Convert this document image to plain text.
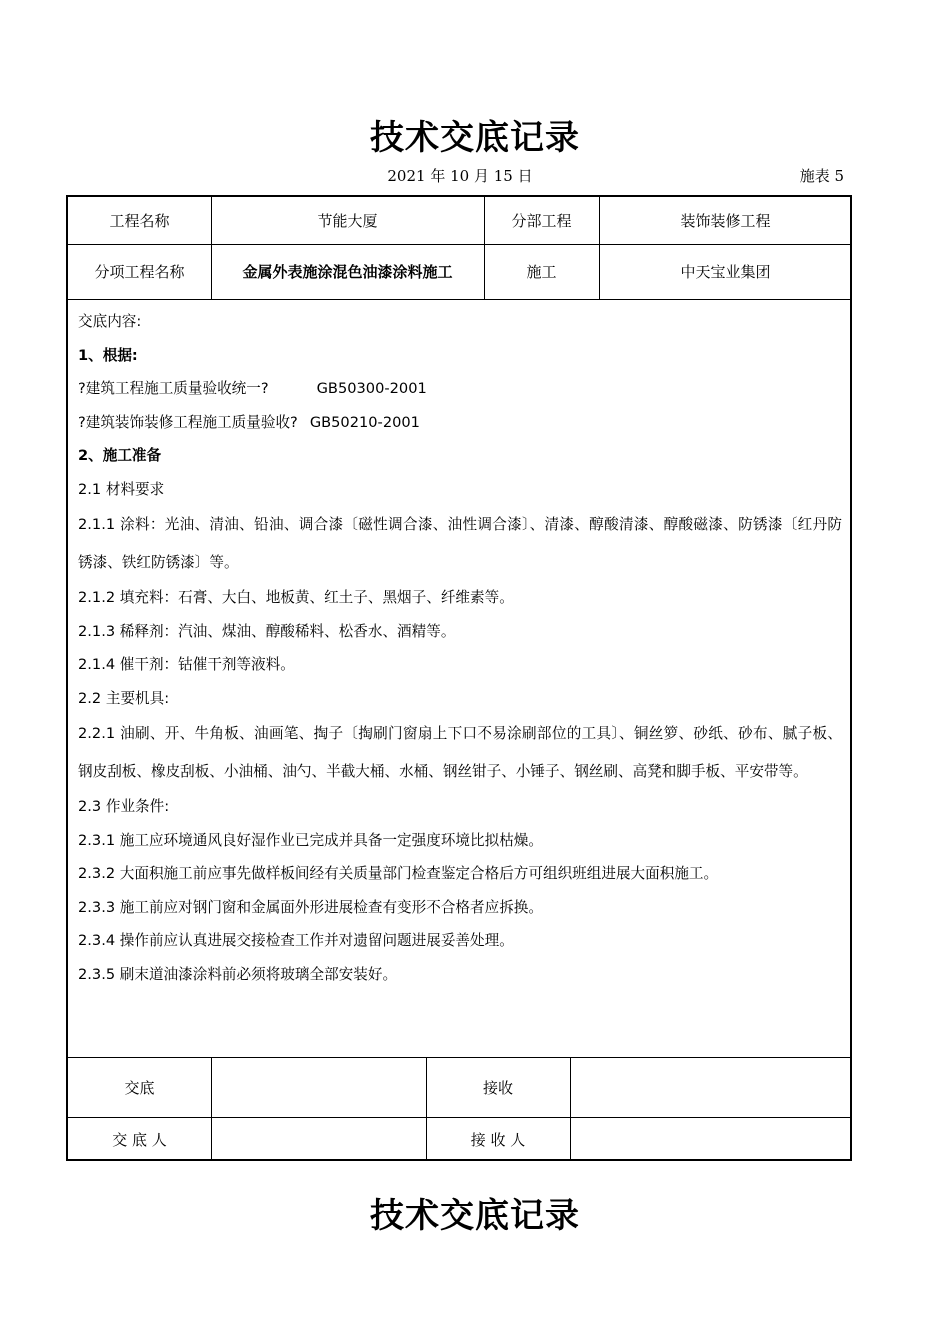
技术交底记录
2021 年 10 月 15 日	施表 5
工程名称	节能大厦	分部工程	装饰装修工程
分项工程名称	金属外表施涂混色油漆涂料施工	施工	中天宝业集团

交底内容:

1、根据:

?建筑工程施工质量验收统一?	GB50300-2001

?建筑装饰装修工程施工质量验收? GB50210-2001

2、施工准备

2.1 材料要求

2.1.1 涂料：光油、清油、铅油、调合漆〔磁性调合漆、油性调合漆〕、清漆、醇酸清漆、醇酸磁漆、防锈漆〔红丹防锈漆、铁红防锈漆〕等。

2.1.2 填充料：石膏、大白、地板黄、红土子、黑烟子、纤维素等。

2.1.3 稀释剂：汽油、煤油、醇酸稀料、松香水、酒精等。

2.1.4 催干剂：钴催干剂等液料。

2.2 主要机具:

2.2.1 油刷、开、牛角板、油画笔、掏子〔掏刷门窗扇上下口不易涂刷部位的工具〕、铜丝箩、砂纸、砂布、腻子板、钢皮刮板、橡皮刮板、小油桶、油勺、半截大桶、水桶、钢丝钳子、小锤子、钢丝刷、高凳和脚手板、平安带等。

2.3 作业条件:

2.3.1 施工应环境通风良好湿作业已完成并具备一定强度环境比拟枯燥。

2.3.2 大面积施工前应事先做样板间经有关质量部门检查鉴定合格后方可组织班组进展大面积施工。

2.3.3 施工前应对钢门窗和金属面外形进展检查有变形不合格者应拆换。

2.3.4 操作前应认真进展交接检查工作并对遗留问题进展妥善处理。

2.3.5 刷末道油漆涂料前必须将玻璃全部安装好。

交底	接收
交 底 人	接 收 人
技术交底记录
